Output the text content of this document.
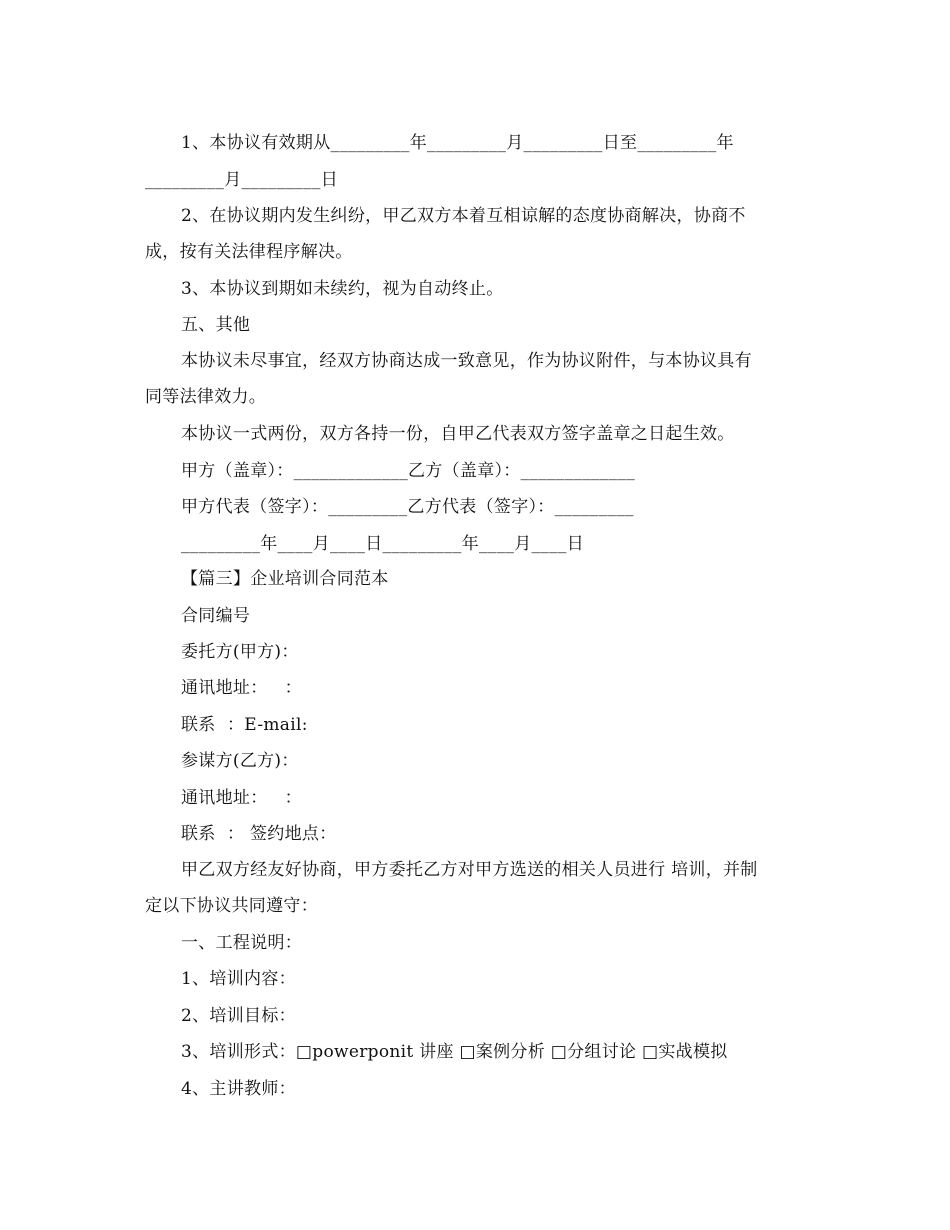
1、本协议有效期从_________年_________月_________日至_________年
_________月_________日
2、在协议期内发生纠纷，甲乙双方本着互相谅解的态度协商解决，协商不
成，按有关法律程序解决。
3、本协议到期如未续约，视为自动终止。
五、其他
本协议未尽事宜，经双方协商达成一致意见，作为协议附件，与本协议具有
同等法律效力。
本协议一式两份，双方各持一份，自甲乙代表双方签字盖章之日起生效。
甲方（盖章）：_____________乙方（盖章）：_____________
甲方代表（签字）：_________乙方代表（签字）：_________
_________年____月____日_________年____月____日
【篇三】企业培训合同范本
合同编号
委托方(甲方)：
通讯地址：   ：
联系  ：E-mail:
参谋方(乙方)：
通讯地址：   ：
联系  ： 签约地点：
甲乙双方经友好协商，甲方委托乙方对甲方选送的相关人员进行 培训，并制
定以下协议共同遵守：
一、工程说明：
1、培训内容：
2、培训目标：
3、培训形式：□powerponit 讲座 □案例分析 □分组讨论 □实战模拟
4、主讲教师：
